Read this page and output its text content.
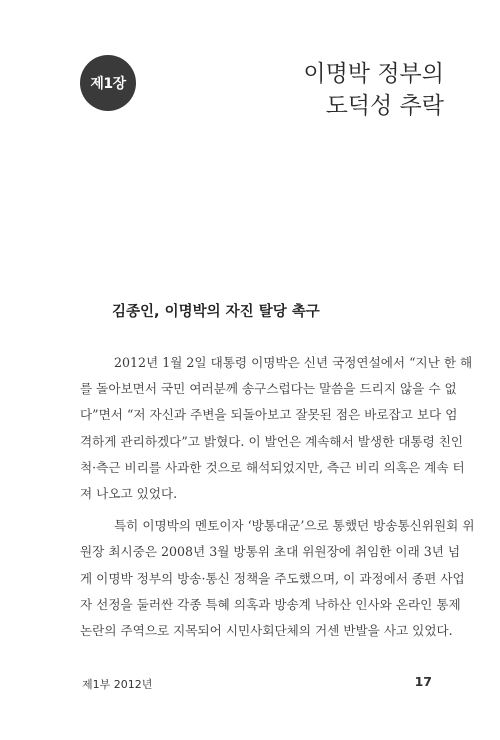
제1장	이명박 정부의
도덕성 추락
김종인, 이명박의 자진 탈당 촉구
2012년 1월 2일 대통령 이명박은 신년 국정연설에서 “지난 한 해
를 돌아보면서 국민 여러분께 송구스럽다는 말씀을 드리지 않을 수 없
다”면서 “저 자신과 주변을 되돌아보고 잘못된 점은 바로잡고 보다 엄
격하게 관리하겠다”고 밝혔다. 이 발언은 계속해서 발생한 대통령 친인
척·측근 비리를 사과한 것으로 해석되었지만, 측근 비리 의혹은 계속 터
져 나오고 있었다.
특히 이명박의 멘토이자 ‘방통대군’으로 통했던 방송통신위원회 위
원장 최시중은 2008년 3월 방통위 초대 위원장에 취임한 이래 3년 넘
게 이명박 정부의 방송·통신 정책을 주도했으며, 이 과정에서 종편 사업
자 선정을 둘러싼 각종 특혜 의혹과 방송계 낙하산 인사와 온라인 통제
논란의 주역으로 지목되어 시민사회단체의 거센 반발을 사고 있었다.
제1부 2012년	17
